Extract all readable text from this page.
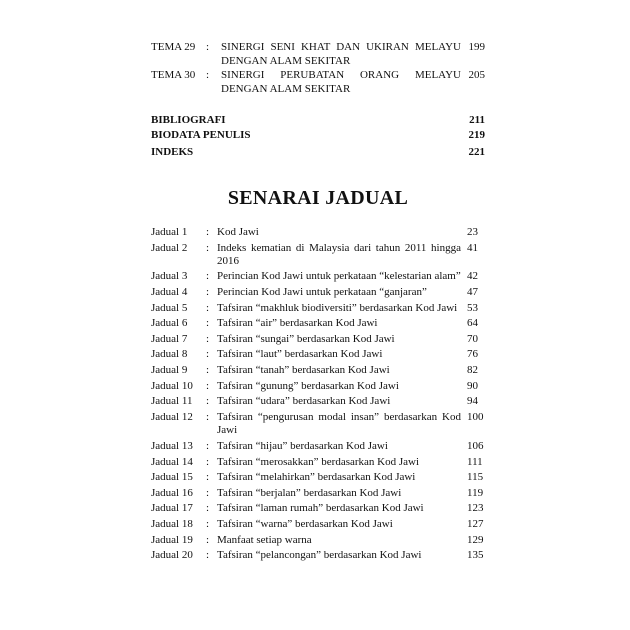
TEMA 29 : SINERGI SENI KHAT DAN UKIRAN MELAYU
DENGAN ALAM SEKITAR
199
TEMA 30 : SINERGI PERUBATAN ORANG MELAYU
DENGAN ALAM SEKITAR
205
BIBLIOGRAFI	211
BIODATA PENULIS	219
INDEKS	221
SENARAI JADUAL
Jadual 1 : Kod Jawi	23
Jadual 2 : Indeks kematian di Malaysia dari tahun 2011 hingga
2016
41
Jadual 3 : Perincian Kod Jawi untuk perkataan “kelestarian alam” 42
Jadual 4 : Perincian Kod Jawi untuk perkataan “ganjaran”	47
Jadual 5 : Tafsiran “makhluk biodiversiti” berdasarkan Kod Jawi 53
Jadual 6 : Tafsiran “air” berdasarkan Kod Jawi	64
Jadual 7 : Tafsiran “sungai” berdasarkan Kod Jawi	70
Jadual 8 : Tafsiran “laut” berdasarkan Kod Jawi	76
Jadual 9 : Tafsiran “tanah” berdasarkan Kod Jawi	82
Jadual 10 : Tafsiran “gunung” berdasarkan Kod Jawi	90
Jadual 11 : Tafsiran “udara” berdasarkan Kod Jawi	94
Jadual 12 : Tafsiran “pengurusan modal insan” berdasarkan Kod
Jawi
100
Jadual 13 : Tafsiran “hijau” berdasarkan Kod Jawi	106
Jadual 14 : Tafsiran “merosakkan” berdasarkan Kod Jawi	111
Jadual 15 : Tafsiran “melahirkan” berdasarkan Kod Jawi	115
Jadual 16 : Tafsiran “berjalan” berdasarkan Kod Jawi	119
Jadual 17 : Tafsiran “laman rumah” berdasarkan Kod Jawi	123
Jadual 18 : Tafsiran “warna” berdasarkan Kod Jawi	127
Jadual 19 : Manfaat setiap warna	129
Jadual 20 : Tafsiran “pelancongan” berdasarkan Kod Jawi	135
